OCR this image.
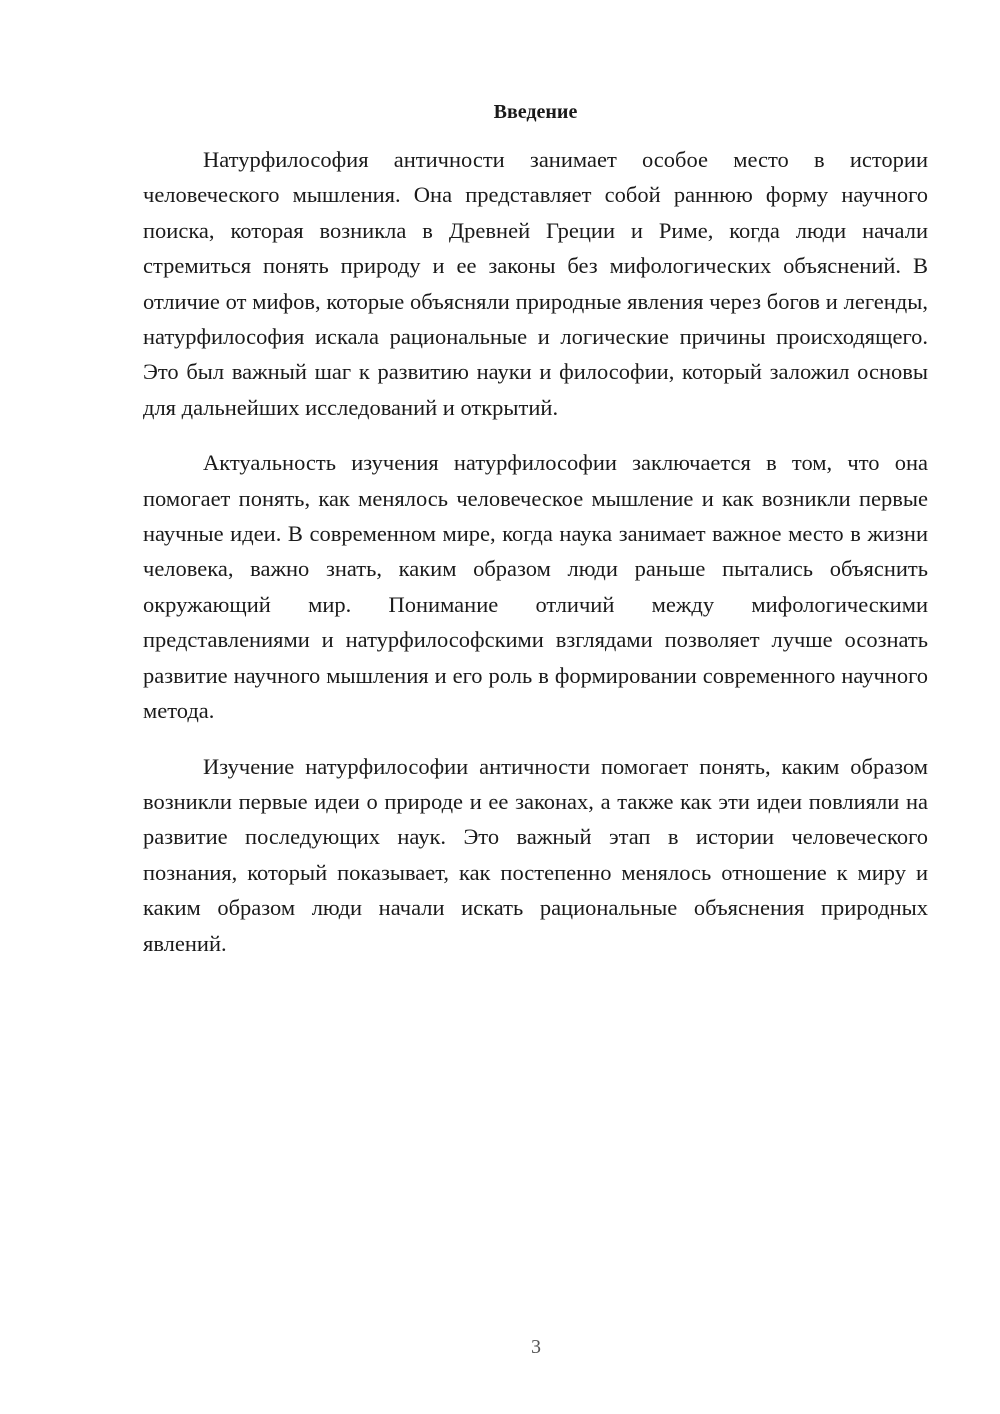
Введение

Натурфилософия античности занимает особое место в истории человеческого мышления. Она представляет собой раннюю форму научного поиска, которая возникла в Древней Греции и Риме, когда люди начали стремиться понять природу и ее законы без мифологических объяснений. В отличие от мифов, которые объясняли природные явления через богов и легенды, натурфилософия искала рациональные и логические причины происходящего. Это был важный шаг к развитию науки и философии, который заложил основы для дальнейших исследований и открытий.

Актуальность изучения натурфилософии заключается в том, что она помогает понять, как менялось человеческое мышление и как возникли первые научные идеи. В современном мире, когда наука занимает важное место в жизни человека, важно знать, каким образом люди раньше пытались объяснить окружающий мир. Понимание отличий между мифологическими представлениями и натурфилософскими взглядами позволяет лучше осознать развитие научного мышления и его роль в формировании современного научного метода.

Изучение натурфилософии античности помогает понять, каким образом возникли первые идеи о природе и ее законах, а также как эти идеи повлияли на развитие последующих наук. Это важный этап в истории человеческого познания, который показывает, как постепенно менялось отношение к миру и каким образом люди начали искать рациональные объяснения природных явлений.

3
